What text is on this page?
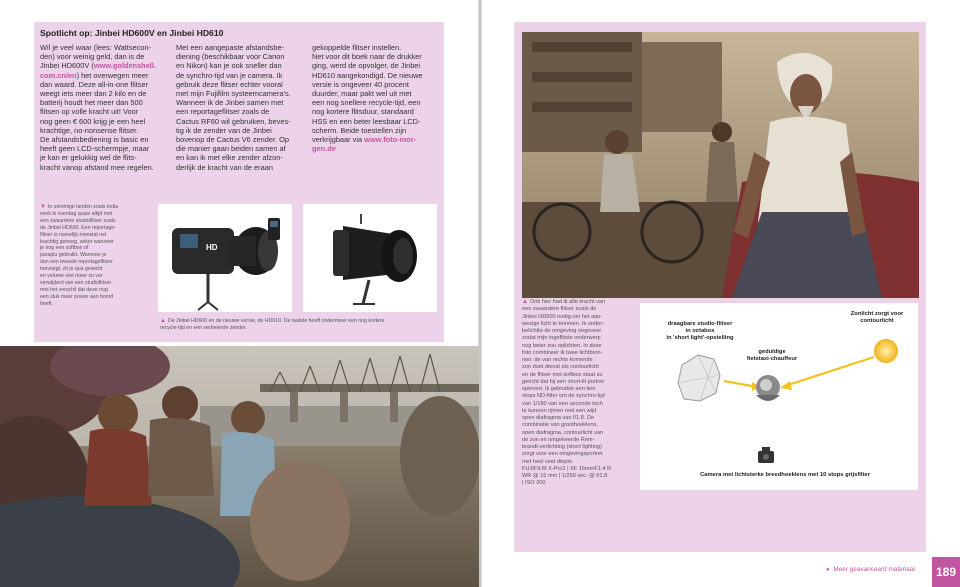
Spotlicht op: Jinbei HD600V en Jinbei HD610
Wil je veel waar (lees: Wattsecon-
den) voor weinig geld, dan is de
Jinbei HD600V (www.goldenshell.
com.cn/en) het overwegen meer
dan waard. Deze all-in-one flitser
weegt iets meer dan 2 kilo en de
batterij houdt het meer dan 500
flitsen op volle kracht uit! Voor
nog geen € 600 krijg je een heel
krachtige, no-nonsense flitser.
De afstandsbediening is basic en
heeft geen LCD-schermpje, maar
je kan er gelukkig wel de flits-
kracht vanop afstand mee regelen.
Met een aangepaste afstandsbe-
diening (beschikbaar voor Canon
en Nikon) kan je ook sneller dan
de synchro-tijd van je camera. Ik
gebruik deze flitser echter vooral
met mijn Fujifilm systeemcamera's.
Wanneer ik de Jinbei samen met
een reportageflitser zoals de
Cactus RF60 wil gebruiken, beves-
tig ik de zender van de Jinbei
bovenop de Cactus V6 zender. Op
die manier gaan beiden samen af
en kan ik met elke zender afzon-
derlijk de kracht van de eraan
gekoppelde flitser instellen.
Net voor dit boek naar de drukker
ging, werd de opvolger, de Jinbei
HD610 aangekondigd. De nieuwe
versie is ongeveer 40 procent
duurder, maar pakt wel uit met
een nog snellere recycle-tijd, een
nog kortere flitsduur, standaard
HSS en een beter leesbaar LCD-
scherm. Beide toestellen zijn
verkrijgbaar via www.foto-mor-
gen.de
▼ In sommige landen zoals India
werk ik overdag quasi altijd met
een zwaardere studioflitser zoals
de Jinbei HD600. Een reportage-
flitser is namelijk meestal net
krachtig genoeg, zeker wanneer
je nog een softbox of
paraplu gebruikt. Wanneer je
dan een tweede reportageflitser
toevoegt, zit je qua gewicht
en volume niet meer zo ver
verwijderd van een studioflitser
met het verschil dat deze nog
een stuk meer power aan boord
heeft.
HD
▲ De Jinbei HD600 en de nieuwe versie, de HD610. De laatste heeft ondermeer een nog kortere
recycle-tijd en een verbeterde zender.
▲ Ook hier had ik alle kracht van
een zwaardere flitser zoals de
Jinbei HD600 nodig om het aan-
wezige licht te temmen. Ik onder-
belichtte de omgeving ongeveer
zodat mijn ingeflitste onderwerp
nog beter zou oplichten. In deze
foto combineer ik twee lichtbron-
nen: de van rechts komende
zon doet dienst als contourlicht
en de flitser met softbox staat zo
gericht dat hij een short-lit portret
oplevert. Ik gebruikte een tien
stops ND-filter om de synchro-tijd
van 1/180 van een seconde toch
te kunnen rijmen met een wijd
open diafragma van f/1.8. De
combinatie van groothoeklens,
open diafragma, contourlicht van
de zon en omgekeerde Rem-
brandt-verlichting (short lighting)
zorgt voor een omgevingsportret
met heel veel diepte.
FUJIFILM X-Pro2 | XF 16mmF1.4 R
WR @ 16 mm | 1/250 sec. @ f/1.8
| ISO 200
draagbare studio-flitser
in octabox
in 'short light'-opstelling
Zonlicht zorgt voor
contourlicht
geduldige
fietstaxi-chauffeur
Camera met lichtsterke breedhoeklens met 10 stops grijsfilter
● Meer geavanceerd materiaal	189
